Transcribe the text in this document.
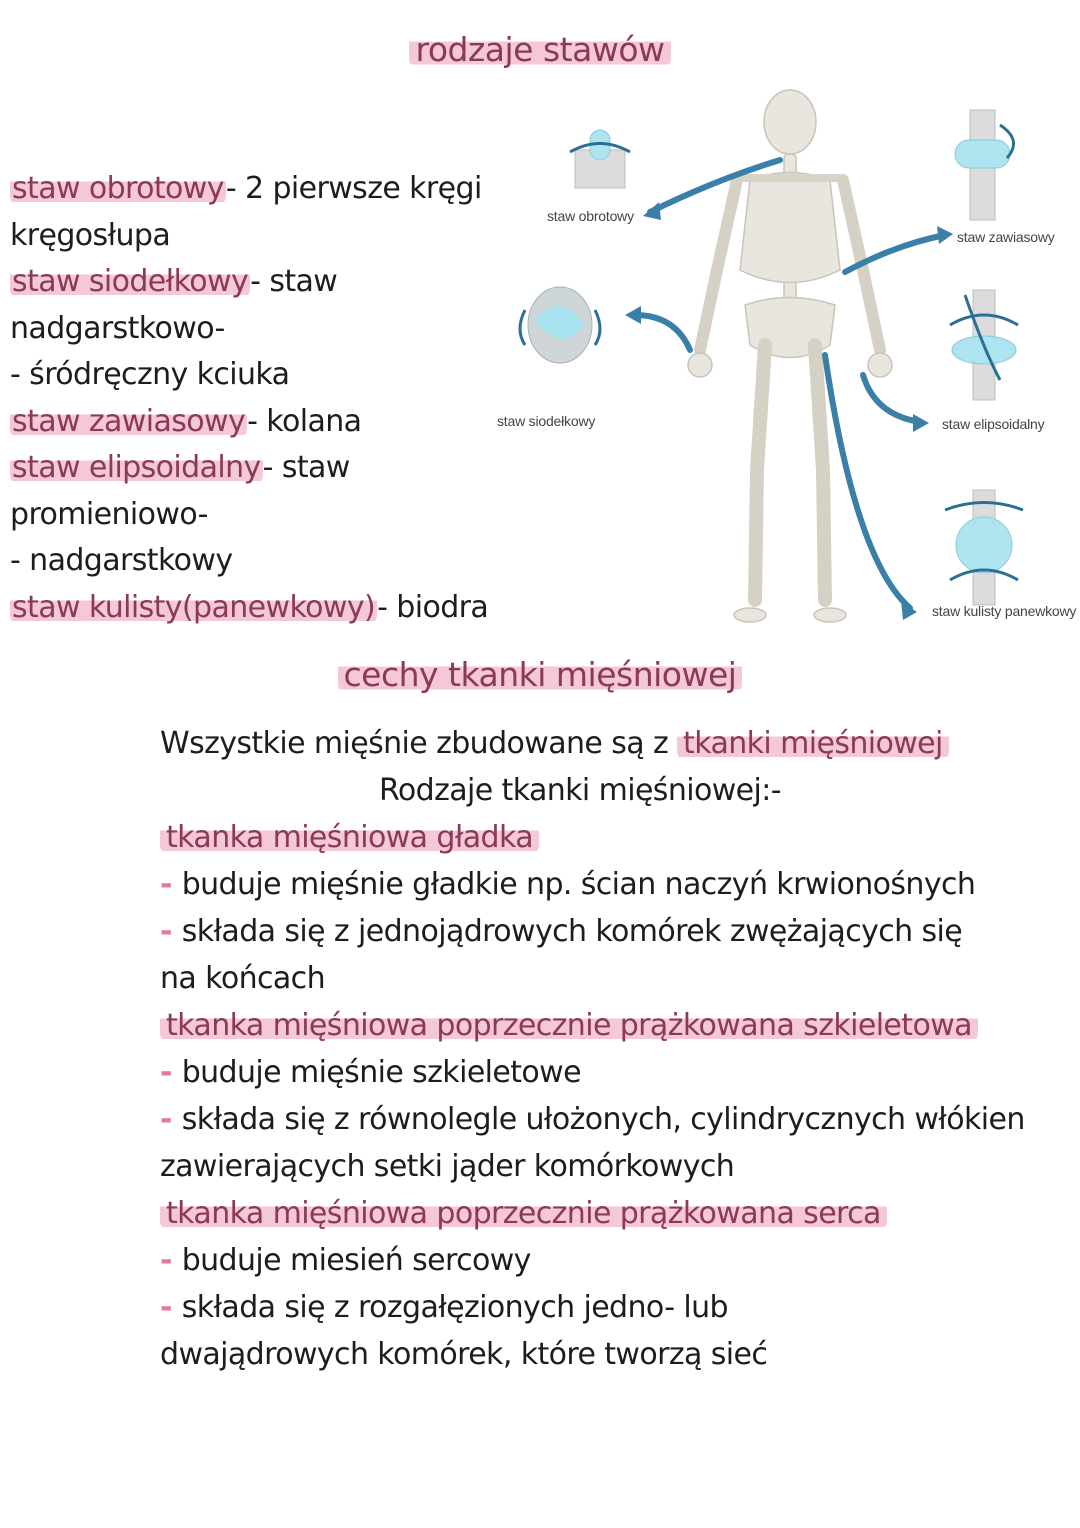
rodzaje stawów
staw obrotowy- 2 pierwsze kręgi
kręgosłupa
staw siodełkowy- staw nadgarstkowo-
- śródręczny kciuka
staw zawiasowy- kolana
staw elipsoidalny- staw promieniowo-
- nadgarstkowy
staw kulisty(panewkowy)- biodra
staw obrotowy
staw siodełkowy
staw zawiasowy
staw elipsoidalny
staw kulisty panewkowy
cechy tkanki mięśniowej
Wszystkie mięśnie zbudowane są z tkanki mięśniowej
Rodzaje tkanki mięśniowej:-
tkanka mięśniowa gładka
- buduje mięśnie gładkie np. ścian naczyń krwionośnych
- składa się z jednojądrowych komórek zwężających się
na końcach
tkanka mięśniowa poprzecznie prążkowana szkieletowa
- buduje mięśnie szkieletowe
- składa się z równolegle ułożonych, cylindrycznych włókien
zawierających setki jąder komórkowych
tkanka mięśniowa poprzecznie prążkowana serca
- buduje miesień sercowy
- składa się z rozgałęzionych jedno- lub
dwajądrowych komórek, które tworzą sieć
